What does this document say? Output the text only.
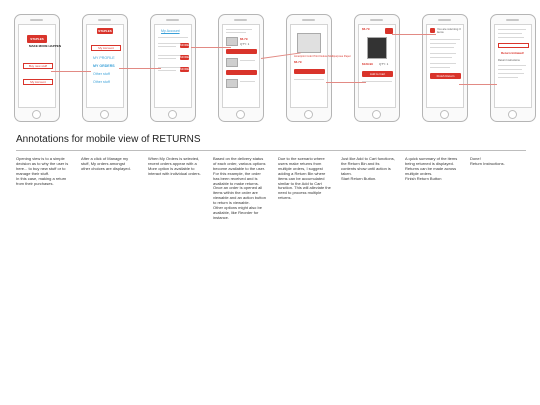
STAPLES
MAKE MORE HAPPEN
Buy new stuff
My Account
STAPLES
My Account
MY PROFILE
MY ORDERS
Other stuff
Other stuff
My Account
MORE
MORE
MORE
$6.79
QTY: 1
Ameriprint Color Print Deluxe Multipurpose Paper
$6.79
$6.79
$129.99 QTY: 1
Add to Cart
You are returning 3 items
Finish Return
Return Initiated!
Return Instructions
Annotations for mobile view of RETURNS
Opening view is to a simple decision as to why the user is here... to buy new stuff or to manage their stuff.
In this case, making a return from their purchases.
After a click of Manage my stuff, My orders amongst other choices are displayed.
When My Orders is selected, recent orders appear with a More option is available to interact with individual orders.
Based on the delivery status of each order, various options become available to the user. For this example, the order has been received and is available to make returns.
Once an order is opened all items within the order are viewable and an action button to return is viewable.
Other options might also be available, like Reorder for instance.
Due to the scenario where users make returns from multiple orders, I suggest adding a Return Bin where items can be accumulated similar to the Add to Cart function. This will alleviate the need to process multiple returns.
Just like Add to Cart functions, the Return Bin and its contents show until action is taken.
Start Return Button.
A quick summary of the items being returned is displayed.
Returns can be made across multiple orders.
Finish Return Button
Done!
Return Instructions.
